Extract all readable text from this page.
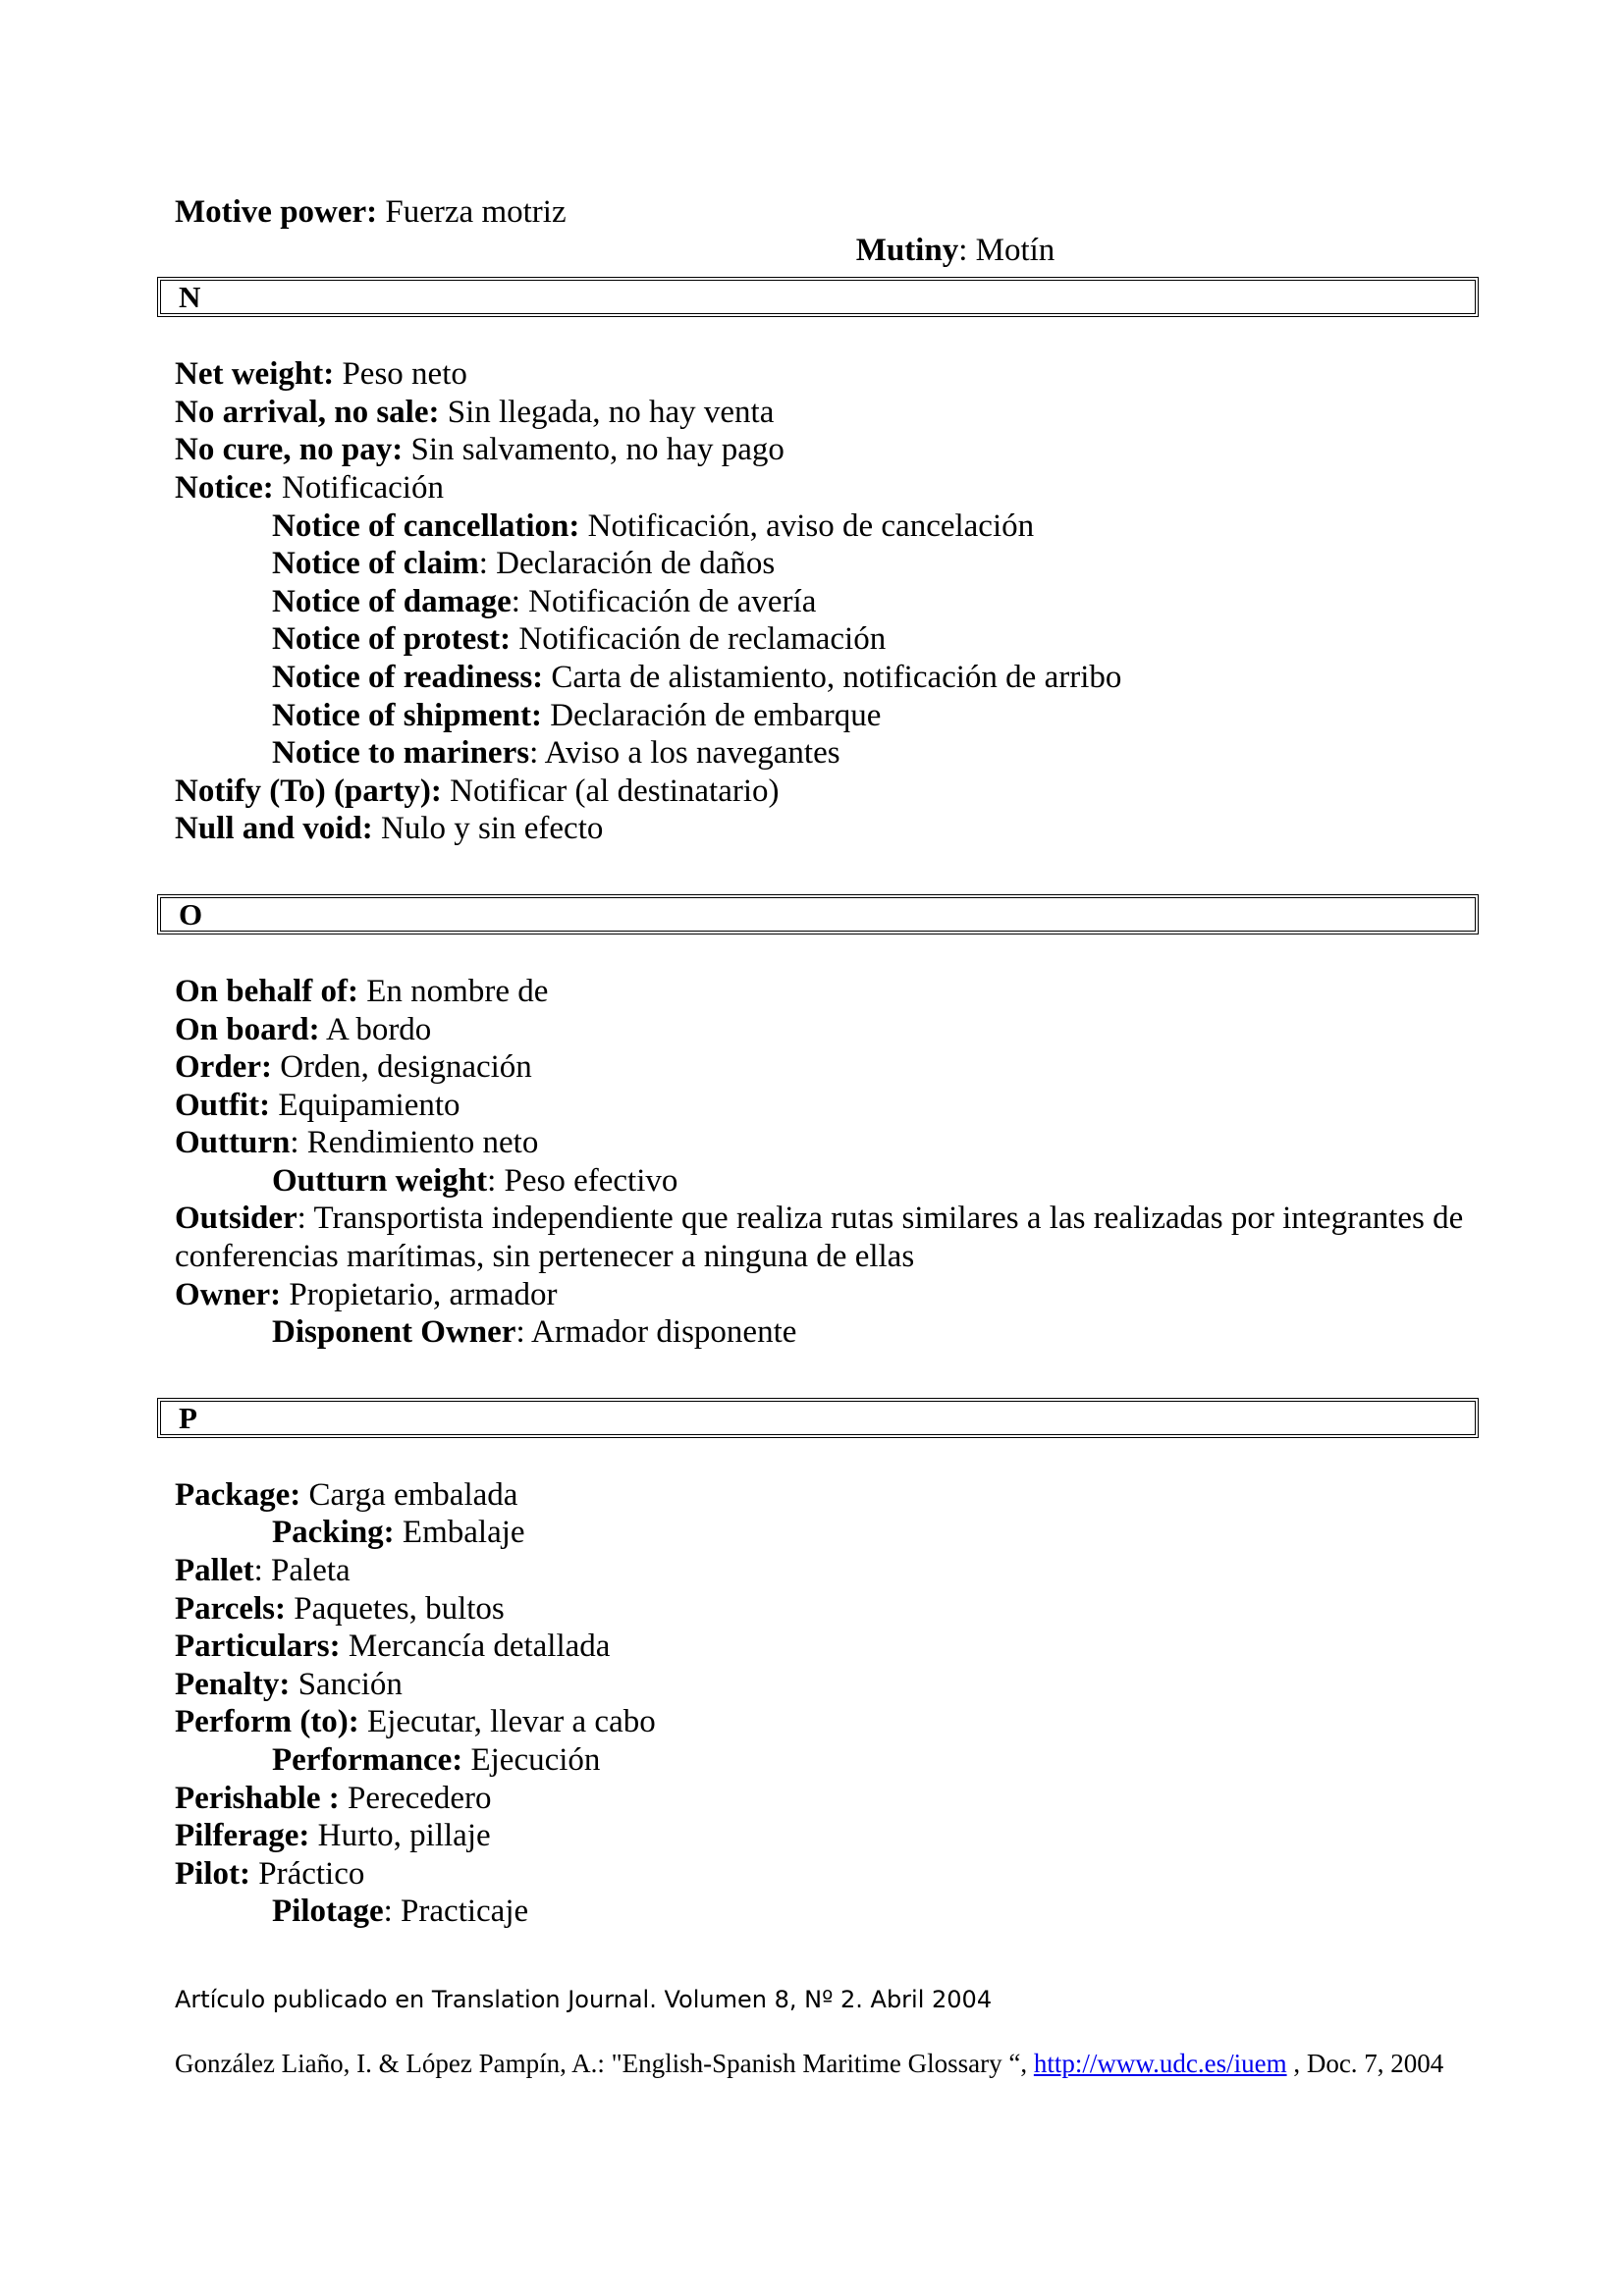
Motive power: Fuerza motriz
Mutiny: Motín
N
Net weight: Peso neto
No arrival, no sale: Sin llegada, no hay venta
No cure, no pay: Sin salvamento, no hay pago
Notice: Notificación
Notice of cancellation: Notificación, aviso de cancelación
Notice of claim: Declaración de daños
Notice of damage: Notificación de avería
Notice of protest: Notificación de reclamación
Notice of readiness: Carta de alistamiento, notificación de arribo
Notice of shipment: Declaración de embarque
Notice to mariners: Aviso a los navegantes
Notify (To) (party): Notificar (al destinatario)
Null and void: Nulo y sin efecto
O
On behalf of: En nombre de
On board: A bordo
Order: Orden, designación
Outfit: Equipamiento
Outturn: Rendimiento neto
Outturn weight: Peso efectivo
Outsider: Transportista independiente que realiza rutas similares a las realizadas por integrantes de conferencias marítimas, sin pertenecer a ninguna de ellas
Owner: Propietario, armador
Disponent Owner: Armador disponente
P
Package: Carga embalada
Packing: Embalaje
Pallet: Paleta
Parcels: Paquetes, bultos
Particulars: Mercancía detallada
Penalty: Sanción
Perform (to): Ejecutar, llevar a cabo
Performance: Ejecución
Perishable : Perecedero
Pilferage: Hurto, pillaje
Pilot: Práctico
Pilotage: Practicaje
Artículo publicado en Translation Journal. Volumen 8, Nº 2. Abril 2004
González Liaño, I. & López Pampín, A.: "English-Spanish Maritime Glossary “, http://www.udc.es/iuem , Doc. 7, 2004
